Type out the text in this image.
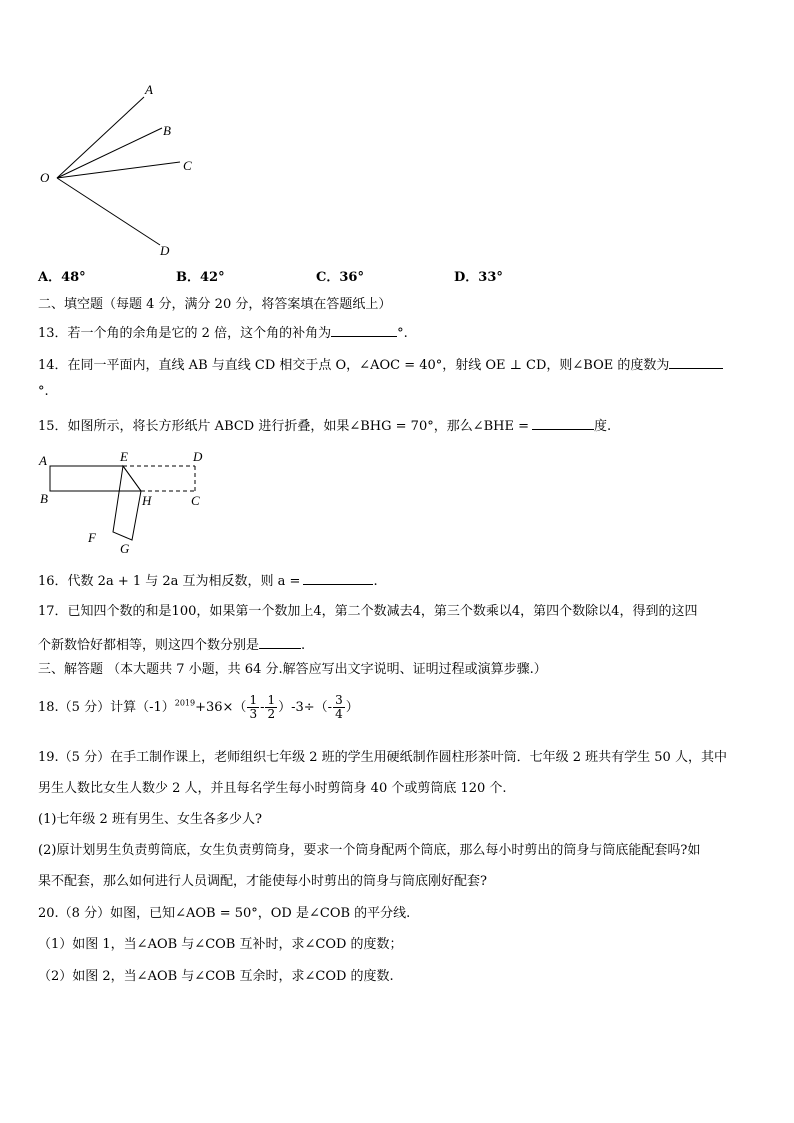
A
B
C
O
D
A．48°	B．42°	C．36°	D．33°
二、填空题（每题 4 分，满分 20 分，将答案填在答题纸上）
13．若一个角的余角是它的 2 倍，这个角的补角为	°.
14．在同一平面内，直线 AB 与直线 CD 相交于点 O，∠AOC = 40°，射线 OE ⊥ CD，则∠BOE 的度数为
°.
15．如图所示，将长方形纸片 ABCD 进行折叠，如果∠BHG = 70°，那么∠BHE =	度.
A	E	D
B	H	C
F
G
16．代数 2a + 1 与 2a 互为相反数，则 a =	.
17．已知四个数的和是100，如果第一个数加上4，第二个数减去4，第三个数乘以4，第四个数除以4，得到的这四
个新数恰好都相等，则这四个数分别是	.
三、解答题 （本大题共 7 小题，共 64 分.解答应写出文字说明、证明过程或演算步骤.）
18.（5 分）计算$(-1)^{2019}+36\times( \frac{1}{3} - \frac{1}{2} )-3\div(- \frac{3}{4}$ ）
19.（5 分）在手工制作课上，老师组织七年级 2 班的学生用硬纸制作圆柱形茶叶筒．七年级 2 班共有学生 50 人，其中
男生人数比女生人数少 2 人，并且每名学生每小时剪筒身 40 个或剪筒底 120 个.
(1)七年级 2 班有男生、女生各多少人?
(2)原计划男生负责剪筒底，女生负责剪筒身，要求一个筒身配两个筒底，那么每小时剪出的筒身与筒底能配套吗?如
果不配套，那么如何进行人员调配，才能使每小时剪出的筒身与筒底刚好配套?
20.（8 分）如图，已知∠AOB = 50°，OD 是∠COB 的平分线.
（1）如图 1，当∠AOB 与∠COB 互补时，求∠COD 的度数；
（2）如图 2，当∠AOB 与∠COB 互余时，求∠COD 的度数.
